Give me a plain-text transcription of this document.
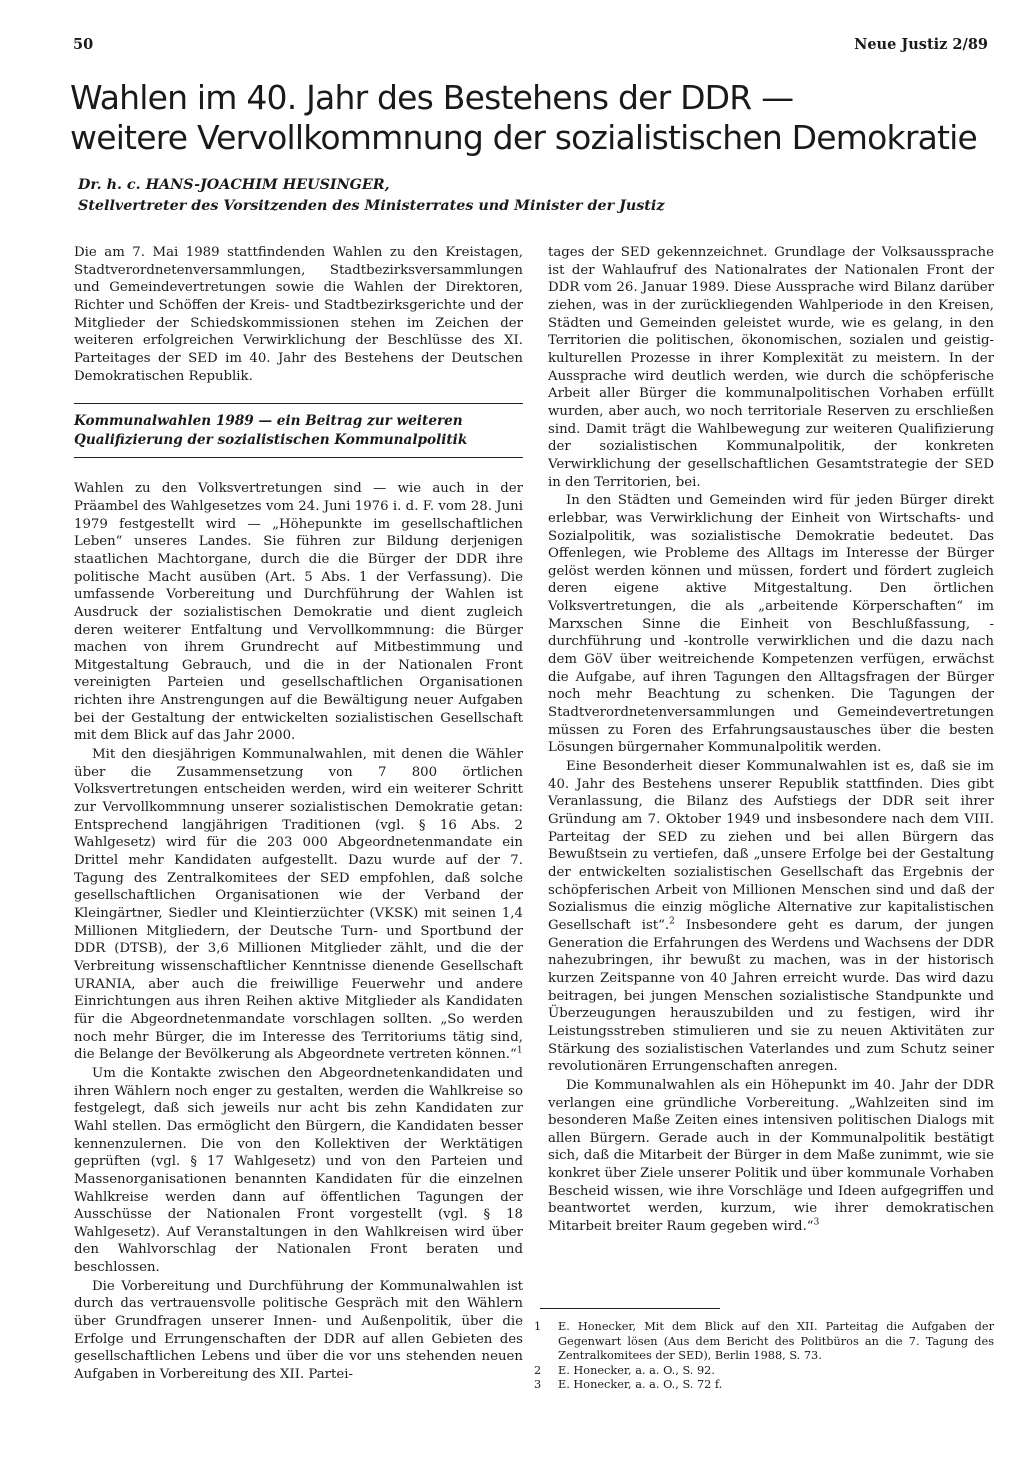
50	Neue Justiz 2/89
Wahlen im 40. Jahr des Bestehens der DDR —
weitere Vervollkommnung der sozialistischen Demokratie
Dr. h. c. HANS-JOACHIM HEUSINGER,
Stellvertreter des Vorsitzenden des Ministerrates und Minister der Justiz

Die am 7. Mai 1989 stattfindenden Wahlen zu den Kreistagen, Stadtverordnetenversammlungen, Stadtbezirksversammlungen und Gemeindevertretungen sowie die Wahlen der Direktoren, Richter und Schöffen der Kreis- und Stadtbezirksgerichte und der Mitglieder der Schiedskommissionen stehen im Zeichen der weiteren erfolgreichen Verwirklichung der Beschlüsse des XI. Parteitages der SED im 40. Jahr des Bestehens der Deutschen Demokratischen Republik.

Kommunalwahlen 1989 — ein Beitrag zur weiteren
Qualifizierung der sozialistischen Kommunalpolitik

Wahlen zu den Volksvertretungen sind — wie auch in der Präambel des Wahlgesetzes vom 24. Juni 1976 i. d. F. vom 28. Juni 1979 festgestellt wird — „Höhepunkte im gesellschaftlichen Leben“ unseres Landes. Sie führen zur Bildung derjenigen staatlichen Machtorgane, durch die die Bürger der DDR ihre politische Macht ausüben (Art. 5 Abs. 1 der Verfassung). Die umfassende Vorbereitung und Durchführung der Wahlen ist Ausdruck der sozialistischen Demokratie und dient zugleich deren weiterer Entfaltung und Vervollkommnung: die Bürger machen von ihrem Grundrecht auf Mitbestimmung und Mitgestaltung Gebrauch, und die in der Nationalen Front vereinigten Parteien und gesellschaftlichen Organisationen richten ihre Anstrengungen auf die Bewältigung neuer Aufgaben bei der Gestaltung der entwickelten sozialistischen Gesellschaft mit dem Blick auf das Jahr 2000.

Mit den diesjährigen Kommunalwahlen, mit denen die Wähler über die Zusammensetzung von 7 800 örtlichen Volksvertretungen entscheiden werden, wird ein weiterer Schritt zur Vervollkommnung unserer sozialistischen Demokratie getan: Entsprechend langjährigen Traditionen (vgl. § 16 Abs. 2 Wahlgesetz) wird für die 203 000 Abgeordnetenmandate ein Drittel mehr Kandidaten aufgestellt. Dazu wurde auf der 7. Tagung des Zentralkomitees der SED empfohlen, daß solche gesellschaftlichen Organisationen wie der Verband der Kleingärtner, Siedler und Kleintierzüchter (VKSK) mit seinen 1,4 Millionen Mitgliedern, der Deutsche Turn- und Sportbund der DDR (DTSB), der 3,6 Millionen Mitglieder zählt, und die der Verbreitung wissenschaftlicher Kenntnisse dienende Gesellschaft URANIA, aber auch die freiwillige Feuerwehr und andere Einrichtungen aus ihren Reihen aktive Mitglieder als Kandidaten für die Abgeordnetenmandate vorschlagen sollten. „So werden noch mehr Bürger, die im Interesse des Territoriums tätig sind, die Belange der Bevölkerung als Abgeordnete vertreten können.“$^1$

Um die Kontakte zwischen den Abgeordnetenkandidaten und ihren Wählern noch enger zu gestalten, werden die Wahlkreise so festgelegt, daß sich jeweils nur acht bis zehn Kandidaten zur Wahl stellen. Das ermöglicht den Bürgern, die Kandidaten besser kennenzulernen. Die von den Kollektiven der Werktätigen geprüften (vgl. § 17 Wahlgesetz) und von den Parteien und Massenorganisationen benannten Kandidaten für die einzelnen Wahlkreise werden dann auf öffentlichen Tagungen der Ausschüsse der Nationalen Front vorgestellt (vgl. § 18 Wahlgesetz). Auf Veranstaltungen in den Wahlkreisen wird über den Wahlvorschlag der Nationalen Front beraten und beschlossen.

Die Vorbereitung und Durchführung der Kommunalwahlen ist durch das vertrauensvolle politische Gespräch mit den Wählern über Grundfragen unserer Innen- und Außenpolitik, über die Erfolge und Errungenschaften der DDR auf allen Gebieten des gesellschaftlichen Lebens und über die vor uns stehenden neuen Aufgaben in Vorbereitung des XII. Partei-

tages der SED gekennzeichnet. Grundlage der Volksaussprache ist der Wahlaufruf des Nationalrates der Nationalen Front der DDR vom 26. Januar 1989. Diese Aussprache wird Bilanz darüber ziehen, was in der zurückliegenden Wahlperiode in den Kreisen, Städten und Gemeinden geleistet wurde, wie es gelang, in den Territorien die politischen, ökonomischen, sozialen und geistig-kulturellen Prozesse in ihrer Komplexität zu meistern. In der Aussprache wird deutlich werden, wie durch die schöpferische Arbeit aller Bürger die kommunalpolitischen Vorhaben erfüllt wurden, aber auch, wo noch territoriale Reserven zu erschließen sind. Damit trägt die Wahlbewegung zur weiteren Qualifizierung der sozialistischen Kommunalpolitik, der konkreten Verwirklichung der gesellschaftlichen Gesamtstrategie der SED in den Territorien, bei.

In den Städten und Gemeinden wird für jeden Bürger direkt erlebbar, was Verwirklichung der Einheit von Wirtschafts- und Sozialpolitik, was sozialistische Demokratie bedeutet. Das Offenlegen, wie Probleme des Alltags im Interesse der Bürger gelöst werden können und müssen, fordert und fördert zugleich deren eigene aktive Mitgestaltung. Den örtlichen Volksvertretungen, die als „arbeitende Körperschaften“ im Marxschen Sinne die Einheit von Beschlußfassung, -durchführung und -kontrolle verwirklichen und die dazu nach dem GöV über weitreichende Kompetenzen verfügen, erwächst die Aufgabe, auf ihren Tagungen den Alltagsfragen der Bürger noch mehr Beachtung zu schenken. Die Tagungen der Stadtverordnetenversammlungen und Gemeindevertretungen müssen zu Foren des Erfahrungsaustausches über die besten Lösungen bürgernaher Kommunalpolitik werden.

Eine Besonderheit dieser Kommunalwahlen ist es, daß sie im 40. Jahr des Bestehens unserer Republik stattfinden. Dies gibt Veranlassung, die Bilanz des Aufstiegs der DDR seit ihrer Gründung am 7. Oktober 1949 und insbesondere nach dem VIII. Parteitag der SED zu ziehen und bei allen Bürgern das Bewußtsein zu vertiefen, daß „unsere Erfolge bei der Gestaltung der entwickelten sozialistischen Gesellschaft das Ergebnis der schöpferischen Arbeit von Millionen Menschen sind und daß der Sozialismus die einzig mögliche Alternative zur kapitalistischen Gesellschaft ist“.$^2$ Insbesondere geht es darum, der jungen Generation die Erfahrungen des Werdens und Wachsens der DDR nahezubringen, ihr bewußt zu machen, was in der historisch kurzen Zeitspanne von 40 Jahren erreicht wurde. Das wird dazu beitragen, bei jungen Menschen sozialistische Standpunkte und Überzeugungen herauszubilden und zu festigen, wird ihr Leistungsstreben stimulieren und sie zu neuen Aktivitäten zur Stärkung des sozialistischen Vaterlandes und zum Schutz seiner revolutionären Errungenschaften anregen.

Die Kommunalwahlen als ein Höhepunkt im 40. Jahr der DDR verlangen eine gründliche Vorbereitung. „Wahlzeiten sind im besonderen Maße Zeiten eines intensiven politischen Dialogs mit allen Bürgern. Gerade auch in der Kommunalpolitik bestätigt sich, daß die Mitarbeit der Bürger in dem Maße zunimmt, wie sie konkret über Ziele unserer Politik und über kommunale Vorhaben Bescheid wissen, wie ihre Vorschläge und Ideen aufgegriffen und beantwortet werden, kurzum, wie ihrer demokratischen Mitarbeit breiter Raum gegeben wird.“$^3$

1	E. Honecker, Mit dem Blick auf den XII. Parteitag die Aufgaben der Gegenwart lösen (Aus dem Bericht des Politbüros an die 7. Tagung des Zentralkomitees der SED), Berlin 1988, S. 73.
2	E. Honecker, a. a. O., S. 92.
3	E. Honecker, a. a. O., S. 72 f.
